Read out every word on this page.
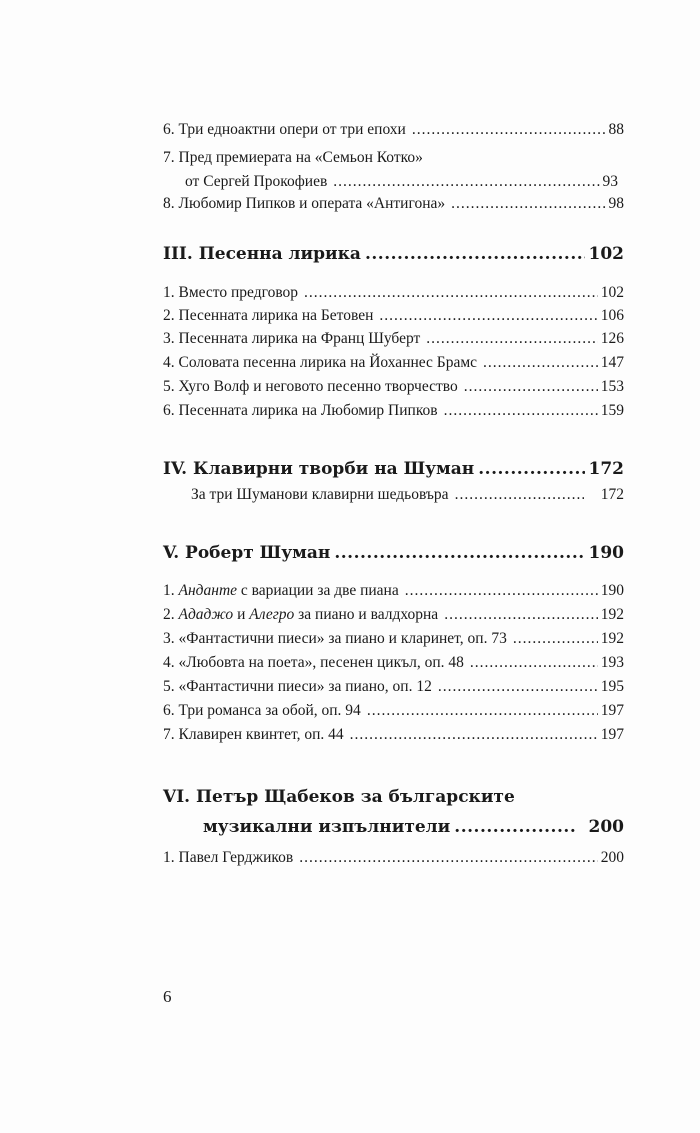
6. Три едноактни опери от три епохи .....	88
7. Пред премиерата на «Семьон Котко»
от Сергей Прокофиев .....	93
8. Любомир Пипков и операта «Антигона» .....	98
III. Песенна лирика .....	102
1. Вместо предговор .....	102
2. Песенната лирика на Бетовен .....	106
3. Песенната лирика на Франц Шуберт .....	126
4. Соловата песенна лирика на Йоханнес Брамс .....	147
5. Хуго Волф и неговото песенно творчество .....	153
6. Песенната лирика на Любомир Пипков .....	159
IV. Клавирни творби на Шуман .....	172
За три Шуманови клавирни шедьовъра .....	172
V. Роберт Шуман .....	190
1. Анданте с вариации за две пиана .....	190
2. Ададжо и Алегро за пиано и валдхорна .....	192
3. «Фантастични пиеси» за пиано и кларинет, оп. 73 .....	192
4. «Любовта на поета», песенен цикъл, оп. 48 .....	193
5. «Фантастични пиеси» за пиано, оп. 12 .....	195
6. Три романса за обой, оп. 94 .....	197
7. Клавирен квинтет, оп. 44 .....	197
VI. Петър Щабеков за българските
музикални изпълнители .....	200
1. Павел Герджиков .....	200
6
